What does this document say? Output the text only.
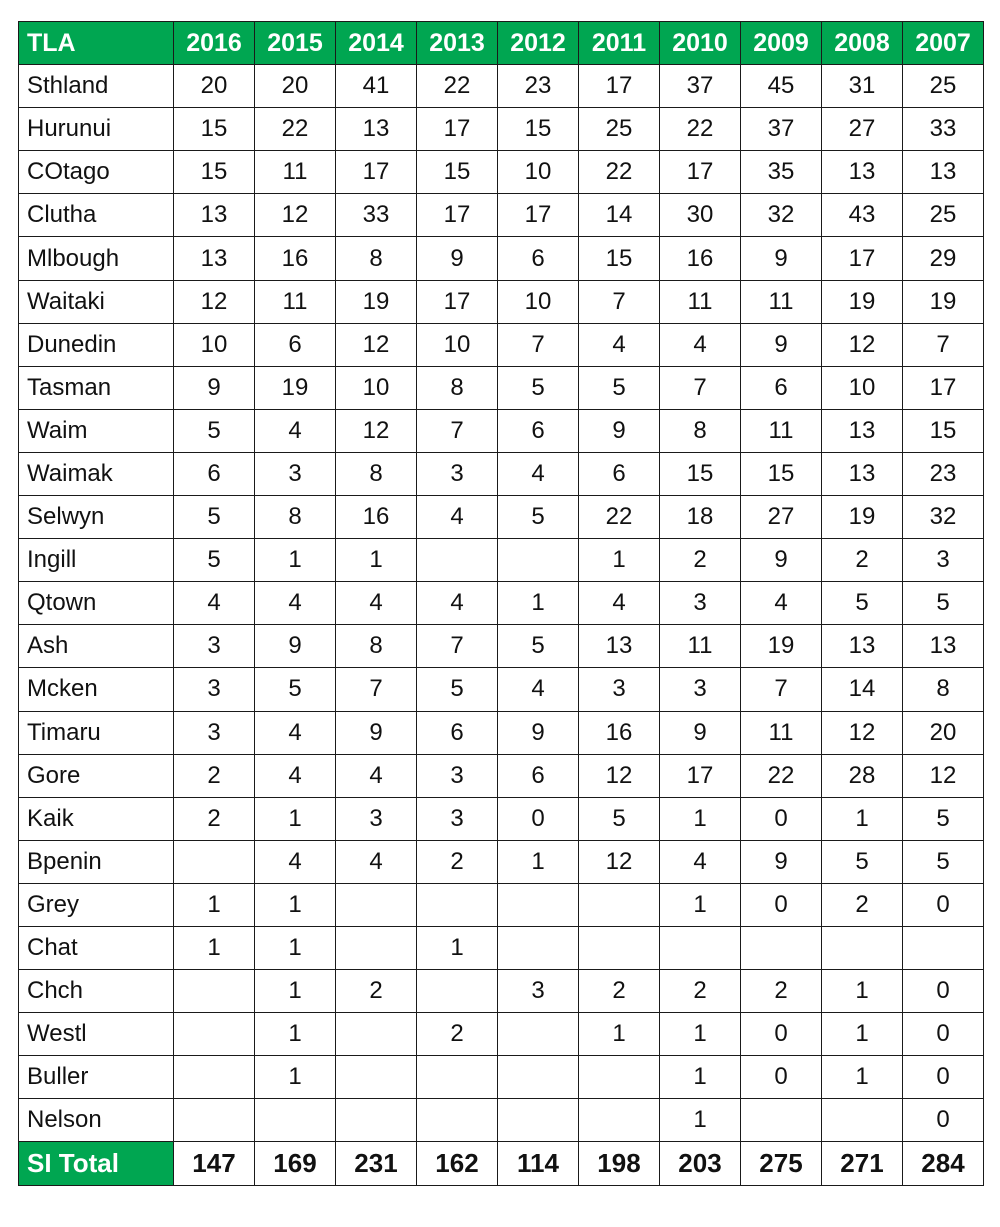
TLA	2016	2015	2014	2013	2012	2011	2010	2009	2008	2007
Sthland	20	20	41	22	23	17	37	45	31	25
Hurunui	15	22	13	17	15	25	22	37	27	33
COtago	15	11	17	15	10	22	17	35	13	13
Clutha	13	12	33	17	17	14	30	32	43	25
Mlbough	13	16	8	9	6	15	16	9	17	29
Waitaki	12	11	19	17	10	7	11	11	19	19
Dunedin	10	6	12	10	7	4	4	9	12	7
Tasman	9	19	10	8	5	5	7	6	10	17
Waim	5	4	12	7	6	9	8	11	13	15
Waimak	6	3	8	3	4	6	15	15	13	23
Selwyn	5	8	16	4	5	22	18	27	19	32
Ingill	5	1	1			1	2	9	2	3
Qtown	4	4	4	4	1	4	3	4	5	5
Ash	3	9	8	7	5	13	11	19	13	13
Mcken	3	5	7	5	4	3	3	7	14	8
Timaru	3	4	9	6	9	16	9	11	12	20
Gore	2	4	4	3	6	12	17	22	28	12
Kaik	2	1	3	3	0	5	1	0	1	5
Bpenin		4	4	2	1	12	4	9	5	5
Grey	1	1					1	0	2	0
Chat	1	1		1						
Chch		1	2		3	2	2	2	1	0
Westl		1		2		1	1	0	1	0
Buller		1					1	0	1	0
Nelson							1			0
SI Total	147	169	231	162	114	198	203	275	271	284
